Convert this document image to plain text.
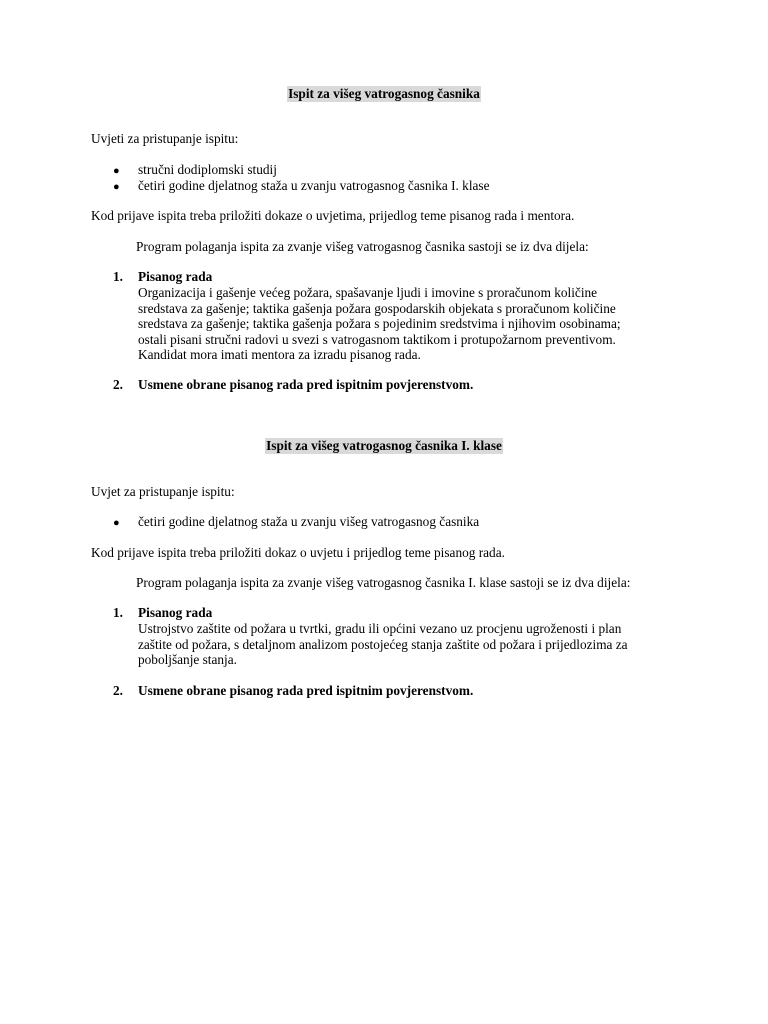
Ispit za višeg vatrogasnog časnika
Uvjeti za pristupanje ispitu:
● stručni dodiplomski studij
● četiri godine djelatnog staža u zvanju vatrogasnog časnika I. klase
Kod prijave ispita treba priložiti dokaze o uvjetima, prijedlog teme pisanog rada i mentora.
Program polaganja ispita za zvanje višeg vatrogasnog časnika sastoji se iz dva dijela:
1. Pisanog rada
Organizacija i gašenje većeg požara, spašavanje ljudi i imovine s proračunom količine
sredstava za gašenje; taktika gašenja požara gospodarskih objekata s proračunom količine
sredstava za gašenje; taktika gašenja požara s pojedinim sredstvima i njihovim osobinama;
ostali pisani stručni radovi u svezi s vatrogasnom taktikom i protupožarnom preventivom.
Kandidat mora imati mentora za izradu pisanog rada.
2. Usmene obrane pisanog rada pred ispitnim povjerenstvom.
Ispit za višeg vatrogasnog časnika I. klase
Uvjet za pristupanje ispitu:
● četiri godine djelatnog staža u zvanju višeg vatrogasnog časnika
Kod prijave ispita treba priložiti dokaz o uvjetu i prijedlog teme pisanog rada.
Program polaganja ispita za zvanje višeg vatrogasnog časnika I. klase sastoji se iz dva dijela:
1. Pisanog rada
Ustrojstvo zaštite od požara u tvrtki, gradu ili općini vezano uz procjenu ugroženosti i plan
zaštite od požara, s detaljnom analizom postojećeg stanja zaštite od požara i prijedlozima za
poboljšanje stanja.
2. Usmene obrane pisanog rada pred ispitnim povjerenstvom.
